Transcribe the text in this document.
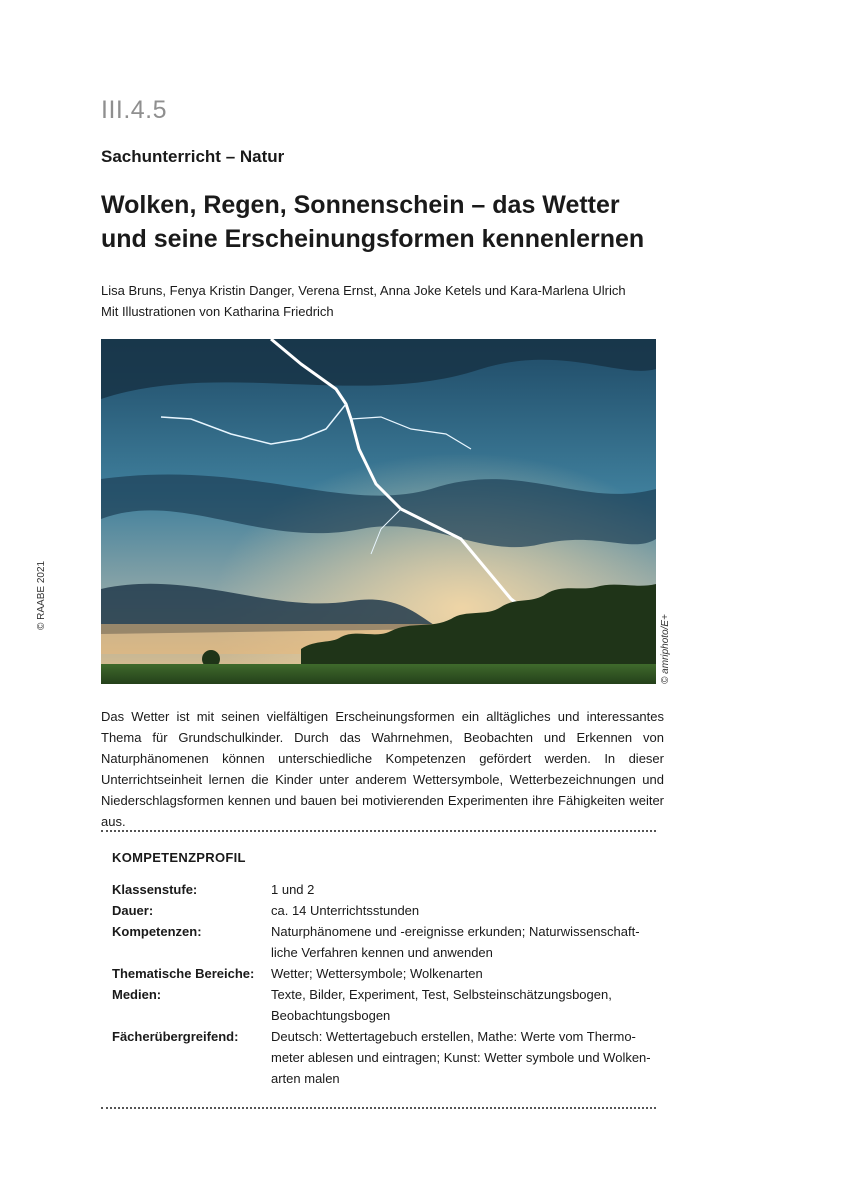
III.4.5
Sachunterricht – Natur
Wolken, Regen, Sonnenschein – das Wetter
und seine Erscheinungsformen kennenlernen
Lisa Bruns, Fenya Kristin Danger, Verena Ernst, Anna Joke Ketels und Kara-Marlena Ulrich
Mit Illustrationen von Katharina Friedrich
© amriphoto/E+
© RAABE 2021
Das Wetter ist mit seinen vielfältigen Erscheinungsformen ein alltägliches und interessantes Thema für Grundschulkinder. Durch das Wahrnehmen, Beobachten und Erkennen von Naturphänomenen können unterschiedliche Kompetenzen gefördert werden. In dieser Unterrichtseinheit lernen die Kinder unter anderem Wettersymbole, Wetterbezeichnungen und Niederschlagsformen kennen und bauen bei motivierenden Experimenten ihre Fähigkeiten weiter aus.
KOMPETENZPROFIL
Klassenstufe:	1 und 2
Dauer:	ca. 14 Unterrichtsstunden
Kompetenzen:	Naturphänomene und -ereignisse erkunden; Naturwissenschaft-
liche Verfahren kennen und anwenden
Thematische Bereiche: Wetter; Wettersymbole; Wolkenarten
Medien:	Texte, Bilder, Experiment, Test, Selbsteinschätzungsbogen,
Beobachtungsbogen
Fächerübergreifend:	Deutsch: Wettertagebuch erstellen, Mathe: Werte vom Thermo-
meter ablesen und eintragen; Kunst: Wetter symbole und Wolken-
arten malen
